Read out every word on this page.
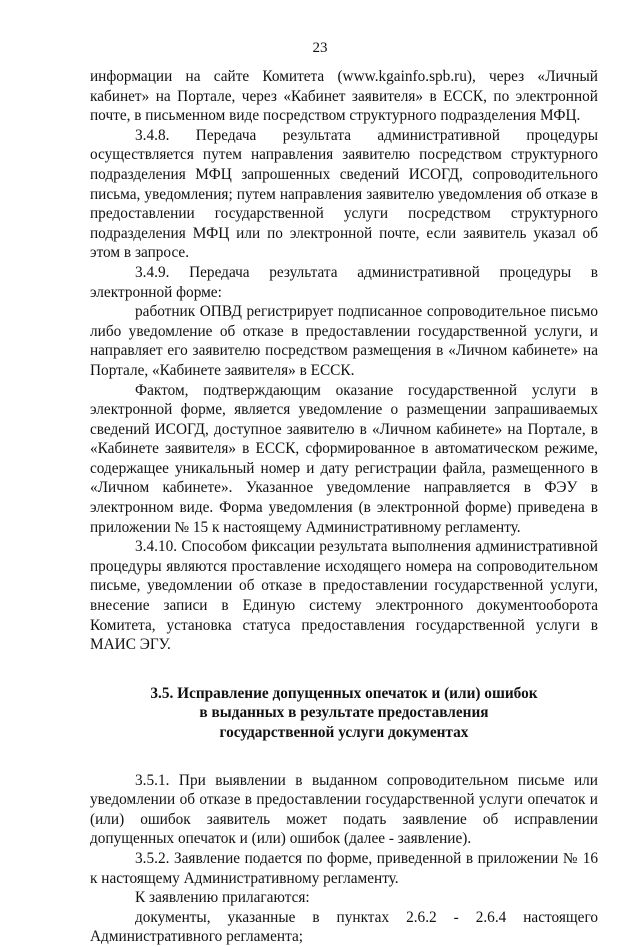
23

информации на сайте Комитета (www.kgainfo.spb.ru), через «Личный кабинет» на Портале, через «Кабинет заявителя» в ЕССК, по электронной почте, в письменном виде посредством структурного подразделения МФЦ.

3.4.8. Передача результата административной процедуры осуществляется путем направления заявителю посредством структурного подразделения МФЦ запрошенных сведений ИСОГД, сопроводительного письма, уведомления; путем направления заявителю уведомления об отказе в предоставлении государственной услуги посредством структурного подразделения МФЦ или по электронной почте, если заявитель указал об этом в запросе.

3.4.9. Передача результата административной процедуры в электронной форме:

работник ОПВД регистрирует подписанное сопроводительное письмо либо уведомление об отказе в предоставлении государственной услуги, и направляет его заявителю посредством размещения в «Личном кабинете» на Портале, «Кабинете заявителя» в ЕССК.

Фактом, подтверждающим оказание государственной услуги в электронной форме, является уведомление о размещении запрашиваемых сведений ИСОГД, доступное заявителю в «Личном кабинете» на Портале, в «Кабинете заявителя» в ЕССК, сформированное в автоматическом режиме, содержащее уникальный номер и дату регистрации файла, размещенного в «Личном кабинете». Указанное уведомление направляется в ФЭУ в электронном виде. Форма уведомления (в электронной форме) приведена в приложении № 15 к настоящему Административному регламенту.

3.4.10. Способом фиксации результата выполнения административной процедуры являются проставление исходящего номера на сопроводительном письме, уведомлении об отказе в предоставлении государственной услуги, внесение записи в Единую систему электронного документооборота Комитета, установка статуса предоставления государственной услуги в МАИС ЭГУ.

3.5. Исправление допущенных опечаток и (или) ошибок
в выданных в результате предоставления
государственной услуги документах

3.5.1. При выявлении в выданном сопроводительном письме или уведомлении об отказе в предоставлении государственной услуги опечаток и (или) ошибок заявитель может подать заявление об исправлении допущенных опечаток и (или) ошибок (далее - заявление).

3.5.2. Заявление подается по форме, приведенной в приложении № 16 к настоящему Административному регламенту.

К заявлению прилагаются:

документы, указанные в пунктах 2.6.2 - 2.6.4 настоящего Административного регламента;
